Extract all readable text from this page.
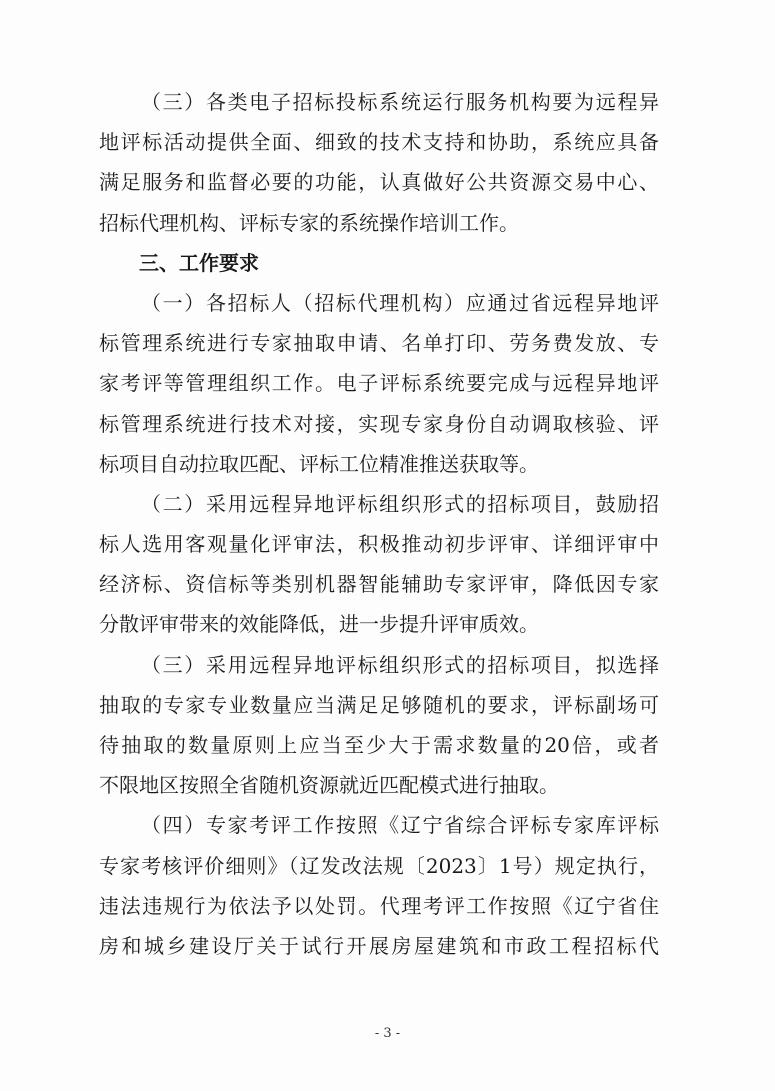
（三）各类电子招标投标系统运行服务机构要为远程异
地评标活动提供全面、细致的技术支持和协助，系统应具备
满足服务和监督必要的功能，认真做好公共资源交易中心、
招标代理机构、评标专家的系统操作培训工作。
三、工作要求
（一）各招标人（招标代理机构）应通过省远程异地评
标管理系统进行专家抽取申请、名单打印、劳务费发放、专
家考评等管理组织工作。电子评标系统要完成与远程异地评
标管理系统进行技术对接，实现专家身份自动调取核验、评
标项目自动拉取匹配、评标工位精准推送获取等。
（二）采用远程异地评标组织形式的招标项目，鼓励招
标人选用客观量化评审法，积极推动初步评审、详细评审中
经济标、资信标等类别机器智能辅助专家评审，降低因专家
分散评审带来的效能降低，进一步提升评审质效。
（三）采用远程异地评标组织形式的招标项目，拟选择
抽取的专家专业数量应当满足足够随机的要求，评标副场可
待抽取的数量原则上应当至少大于需求数量的20倍，或者
不限地区按照全省随机资源就近匹配模式进行抽取。
（四）专家考评工作按照《辽宁省综合评标专家库评标
专家考核评价细则》（辽发改法规〔2023〕1号）规定执行，
违法违规行为依法予以处罚。代理考评工作按照《辽宁省住
房和城乡建设厅关于试行开展房屋建筑和市政工程招标代
- 3 -
